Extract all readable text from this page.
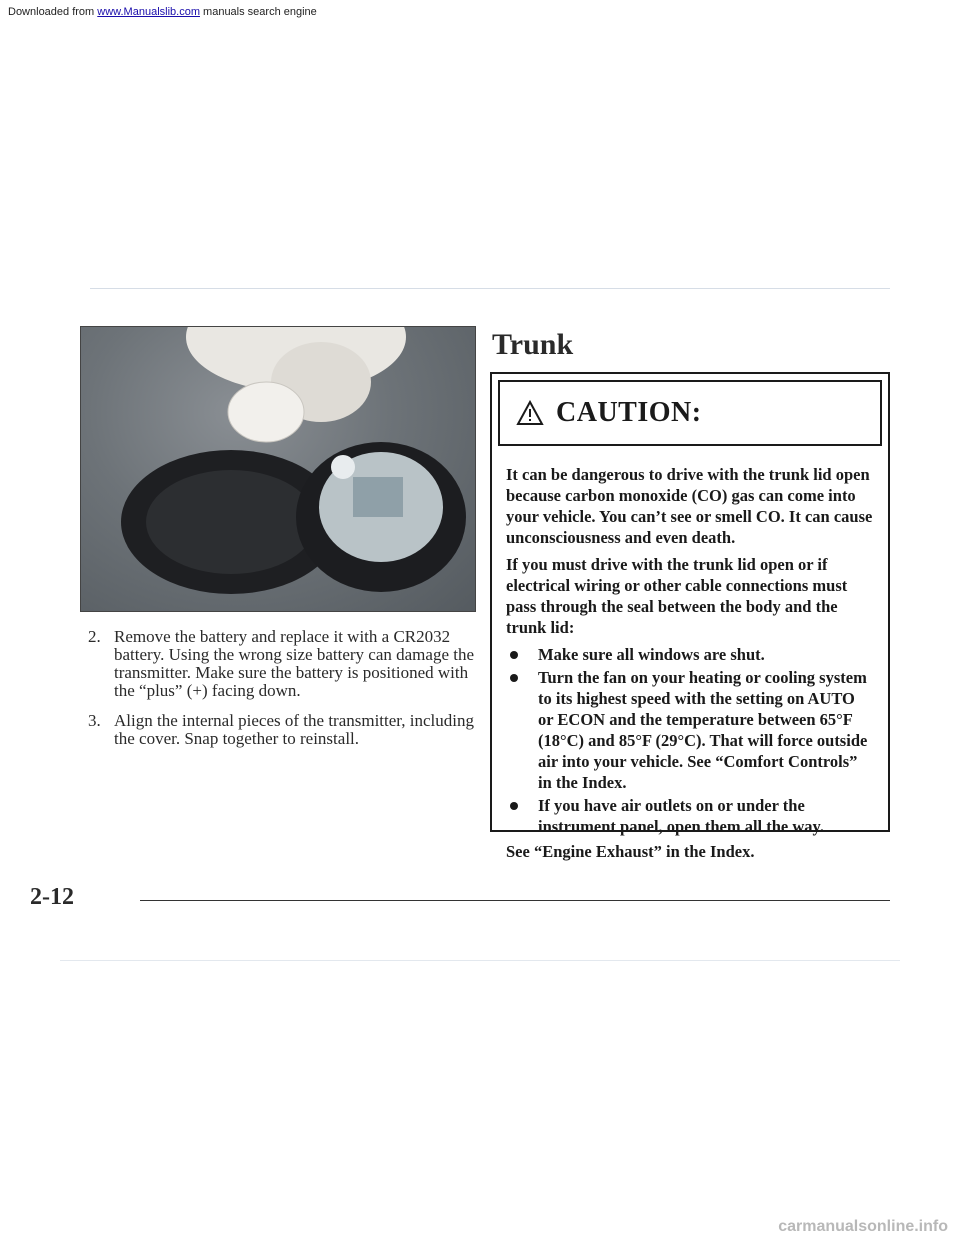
Downloaded from www.Manualslib.com manuals search engine
2. Remove the battery and replace it with a CR2032 battery. Using the wrong size battery can damage the transmitter. Make sure the battery is positioned with the “plus” (+) facing down.
3. Align the internal pieces of the transmitter, including the cover. Snap together to reinstall.
Trunk
CAUTION:

It can be dangerous to drive with the trunk lid open because carbon monoxide (CO) gas can come into your vehicle. You can’t see or smell CO. It can cause unconsciousness and even death.

If you must drive with the trunk lid open or if electrical wiring or other cable connections must pass through the seal between the body and the trunk lid:

Make sure all windows are shut.
Turn the fan on your heating or cooling system to its highest speed with the setting on AUTO or ECON and the temperature between 65°F (18°C) and 85°F (29°C). That will force outside air into your vehicle. See “Comfort Controls” in the Index.
If you have air outlets on or under the instrument panel, open them all the way.

See “Engine Exhaust” in the Index.

2-12
carmanualsonline.info
